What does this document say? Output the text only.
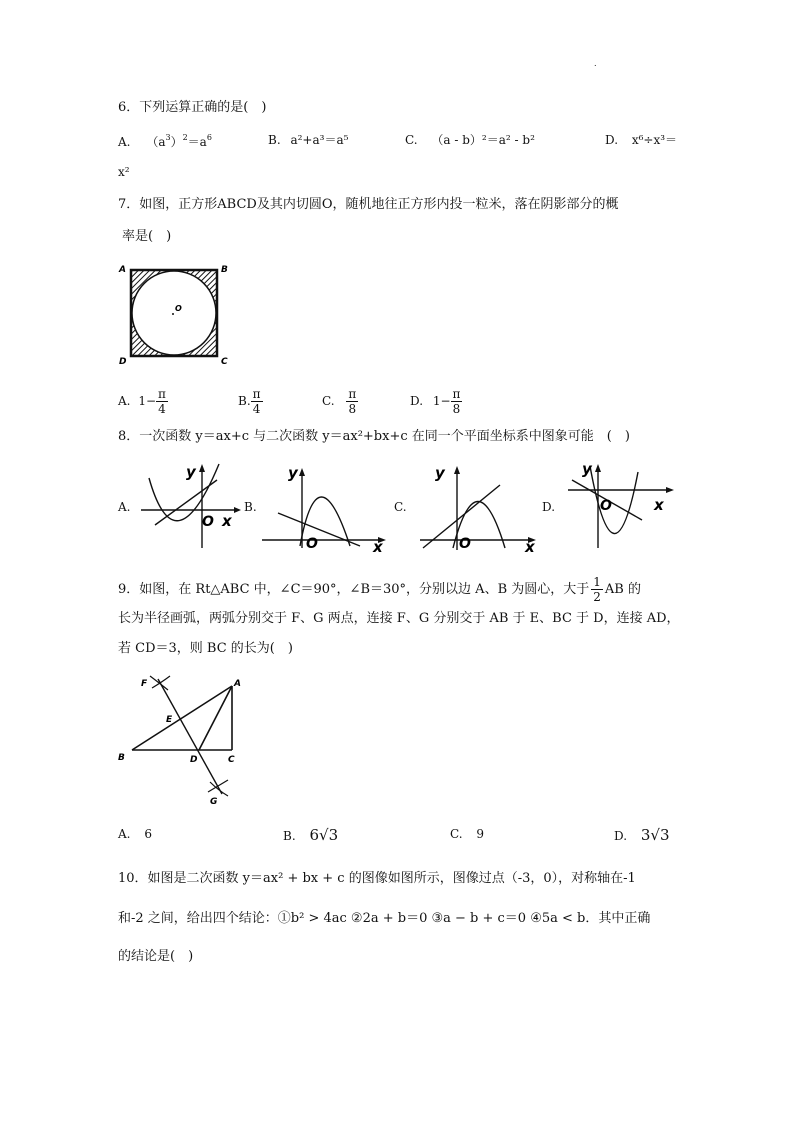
.
6．下列运算正确的是(　)
A. $(a^3)^2=a^6$	B. a²+a³＝a⁵	C. （a - b）²＝a² - b²	D. x⁶÷x³＝
x²
7．如图，正方形ABCD及其内切圆O，随机地往正方形内投一粒米，落在阴影部分的概
率是(　)
A	B
C
D
O
A. $1- \frac{\pi}{4}$	B. $\frac{\pi}{4}$	C. $\frac{\pi}{8}$	D. $1- \frac{\pi}{8}$
8．一次函数 y＝ax+c 与二次函数 y＝ax²+bx+c 在同一个平面坐标系中图象可能　(　)
A.
y
x
O
B.
y
x
O
C.
y
x
O
D.
y
x
O
9．如图，在 Rt△ABC 中，∠C＝90°，∠B＝30°，分别以边 A、B 为圆心，大于 $\frac{1}{2}$ AB 的
长为半径画弧，两弧分别交于 F、G 两点，连接 F、G 分别交于 AB 于 E、BC 于 D，连接 AD，
若 CD＝3，则 BC 的长为(　)
A
B	C
D
E
F
G
A. 6	B. 6√3	C. 9	D. 3√3
10．如图是二次函数 y＝ax² + bx + c 的图像如图所示，图像过点（-3，0），对称轴在-1
和-2 之间，给出四个结论：①b² > 4ac ②2a + b＝0 ③a − b + c＝0 ④5a < b．其中正确
的结论是(　)
